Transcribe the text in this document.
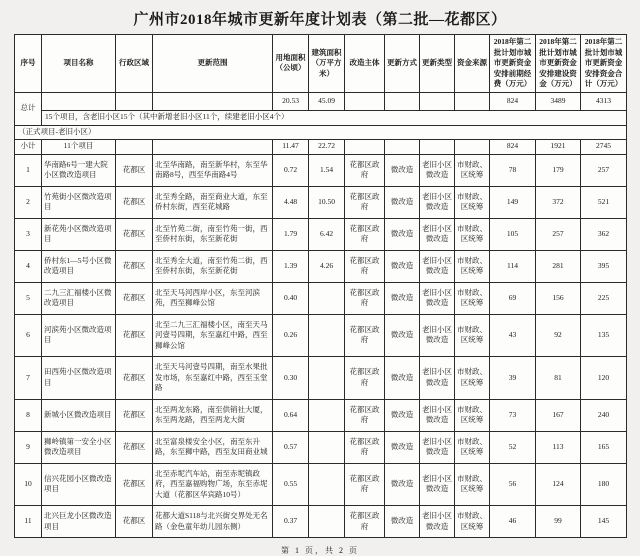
广州市2018年城市更新年度计划表（第二批—花都区）
序号	项目名称	行政区域	更新范围	用地面积（公顷）	建筑面积（万平方米）	改造主体	更新方式	更新类型	资金来源	2018年第二批计划市城市更新资金安排前期经费（万元）	2018年第二批计划市城市更新资金安排建设资金（万元）	2018年第二批计划市城市更新资金安排资金合计（万元）
总计				20.53	45.09					824	3489	4313
	15个项目，含老旧小区15个（其中新增老旧小区11个，续建老旧小区4个）											
（正式项目-老旧小区）												
小计	11个项目			11.47	22.72					824	1921	2745
1	华南路6号一建大院小区微改造项目	花都区	北至华南路，南至新华村，东至华南路8号，西至华南路4号	0.72	1.54	花都区政府	微改造	老旧小区微改造	市财政、区统筹	78	179	257
2	竹苑街小区微改造项目	花都区	北至秀全路，南至商业大道，东至侨村东街，西至花城路	4.48	10.50	花都区政府	微改造	老旧小区微改造	市财政、区统筹	149	372	521
3	新花苑小区微改造项目	花都区	北至竹苑二街，南至竹苑一街，西至侨村东街，东至新花街	1.79	6.42	花都区政府	微改造	老旧小区微改造	市财政、区统筹	105	257	362
4	侨村东1—5号小区微改造项目	花都区	北至秀全大道，南至竹苑二街，西至侨村东街，东至新花街	1.39	4.26	花都区政府	微改造	老旧小区微改造	市财政、区统筹	114	281	395
5	二九三汇福楼小区微改造项目	花都区	北至天马河西岸小区，东至河滨苑，西至狮峰公馆	0.40		花都区政府	微改造	老旧小区微改造	市财政、区统筹	69	156	225
6	河滨苑小区微改造项目	花都区	北至二九三汇福楼小区，南至天马河壹号四期，东至嘉红中路，西至狮峰公馆	0.26		花都区政府	微改造	老旧小区微改造	市财政、区统筹	43	92	135
7	田西苑小区微改造项目	花都区	北至天马河壹号四期，南至水果批发市场，东至嘉红中路，西至玉堂路	0.30		花都区政府	微改造	老旧小区微改造	市财政、区统筹	39	81	120
8	新城小区微改造项目	花都区	北至两龙东路，南至供销社大厦，东至两龙路，西至两龙大街	0.64		花都区政府	微改造	老旧小区微改造	市财政、区统筹	73	167	240
9	狮岭镇第一安全小区微改造项目	花都区	北至富泉楼安全小区，南至东升路，东至狮中路，西至友田商业城	0.57		花都区政府	微改造	老旧小区微改造	市财政、区统筹	52	113	165
10	信兴花园小区微改造项目	花都区	北至赤坭汽车站，南至赤坭镇政府，西至嘉福购物广场，东至赤坭大道（花都区华宾路10号）	0.55		花都区政府	微改造	老旧小区微改造	市财政、区统筹	56	124	180
11	北兴巨龙小区微改造项目	花都区	花都大道S118与北兴街交界处无名路（金色童年幼儿园东侧）	0.37		花都区政府	微改造	老旧小区微改造	市财政、区统筹	46	99	145
第 1 页，共 2 页
